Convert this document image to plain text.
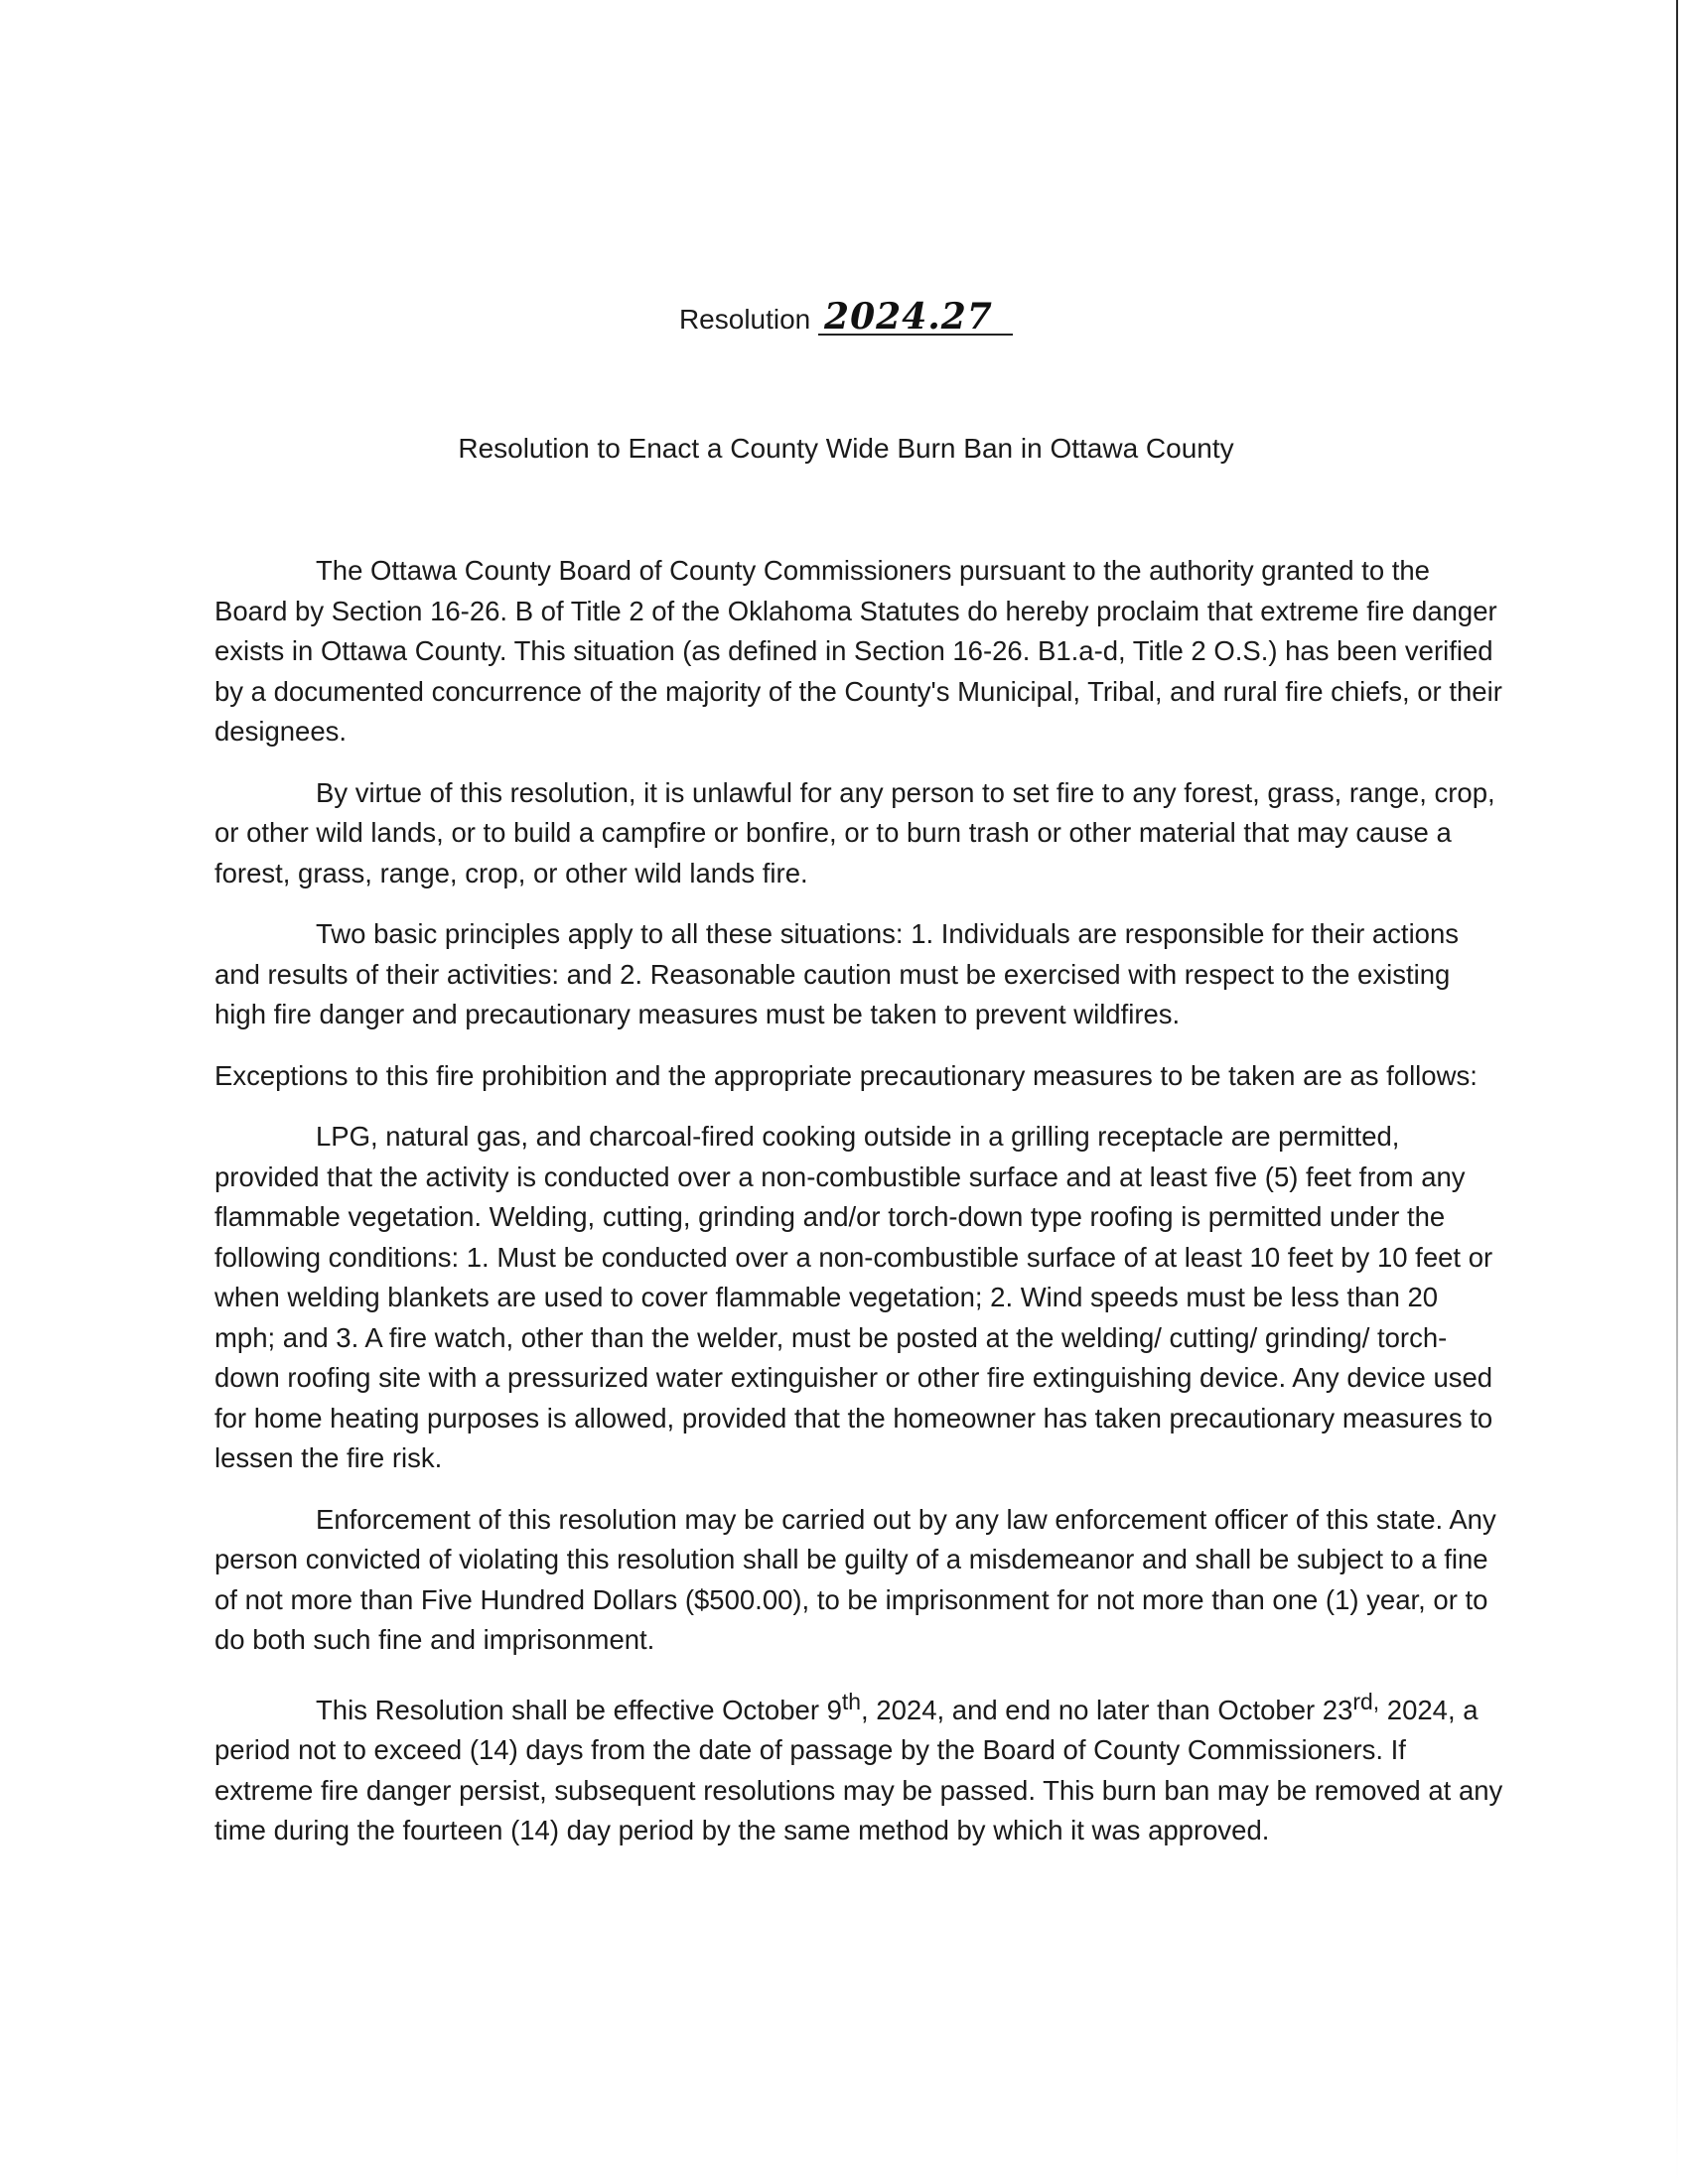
Resolution 2024.27
Resolution to Enact a County Wide Burn Ban in Ottawa County

The Ottawa County Board of County Commissioners pursuant to the authority granted to the Board by Section 16-26. B of Title 2 of the Oklahoma Statutes do hereby proclaim that extreme fire danger exists in Ottawa County. This situation (as defined in Section 16-26. B1.a-d, Title 2 O.S.) has been verified by a documented concurrence of the majority of the County's Municipal, Tribal, and rural fire chiefs, or their designees.

By virtue of this resolution, it is unlawful for any person to set fire to any forest, grass, range, crop, or other wild lands, or to build a campfire or bonfire, or to burn trash or other material that may cause a forest, grass, range, crop, or other wild lands fire.

Two basic principles apply to all these situations: 1. Individuals are responsible for their actions and results of their activities: and 2. Reasonable caution must be exercised with respect to the existing high fire danger and precautionary measures must be taken to prevent wildfires.

Exceptions to this fire prohibition and the appropriate precautionary measures to be taken are as follows:

LPG, natural gas, and charcoal-fired cooking outside in a grilling receptacle are permitted, provided that the activity is conducted over a non-combustible surface and at least five (5) feet from any flammable vegetation. Welding, cutting, grinding and/or torch-down type roofing is permitted under the following conditions: 1. Must be conducted over a non-combustible surface of at least 10 feet by 10 feet or when welding blankets are used to cover flammable vegetation; 2. Wind speeds must be less than 20 mph; and 3. A fire watch, other than the welder, must be posted at the welding/ cutting/ grinding/ torch-down roofing site with a pressurized water extinguisher or other fire extinguishing device. Any device used for home heating purposes is allowed, provided that the homeowner has taken precautionary measures to lessen the fire risk.

Enforcement of this resolution may be carried out by any law enforcement officer of this state. Any person convicted of violating this resolution shall be guilty of a misdemeanor and shall be subject to a fine of not more than Five Hundred Dollars ($500.00), to be imprisonment for not more than one (1) year, or to do both such fine and imprisonment.

This Resolution shall be effective October 9th, 2024, and end no later than October $23^{rd,}$ 2024, a period not to exceed (14) days from the date of passage by the Board of County Commissioners. If extreme fire danger persist, subsequent resolutions may be passed. This burn ban may be removed at any time during the fourteen (14) day period by the same method by which it was approved.
